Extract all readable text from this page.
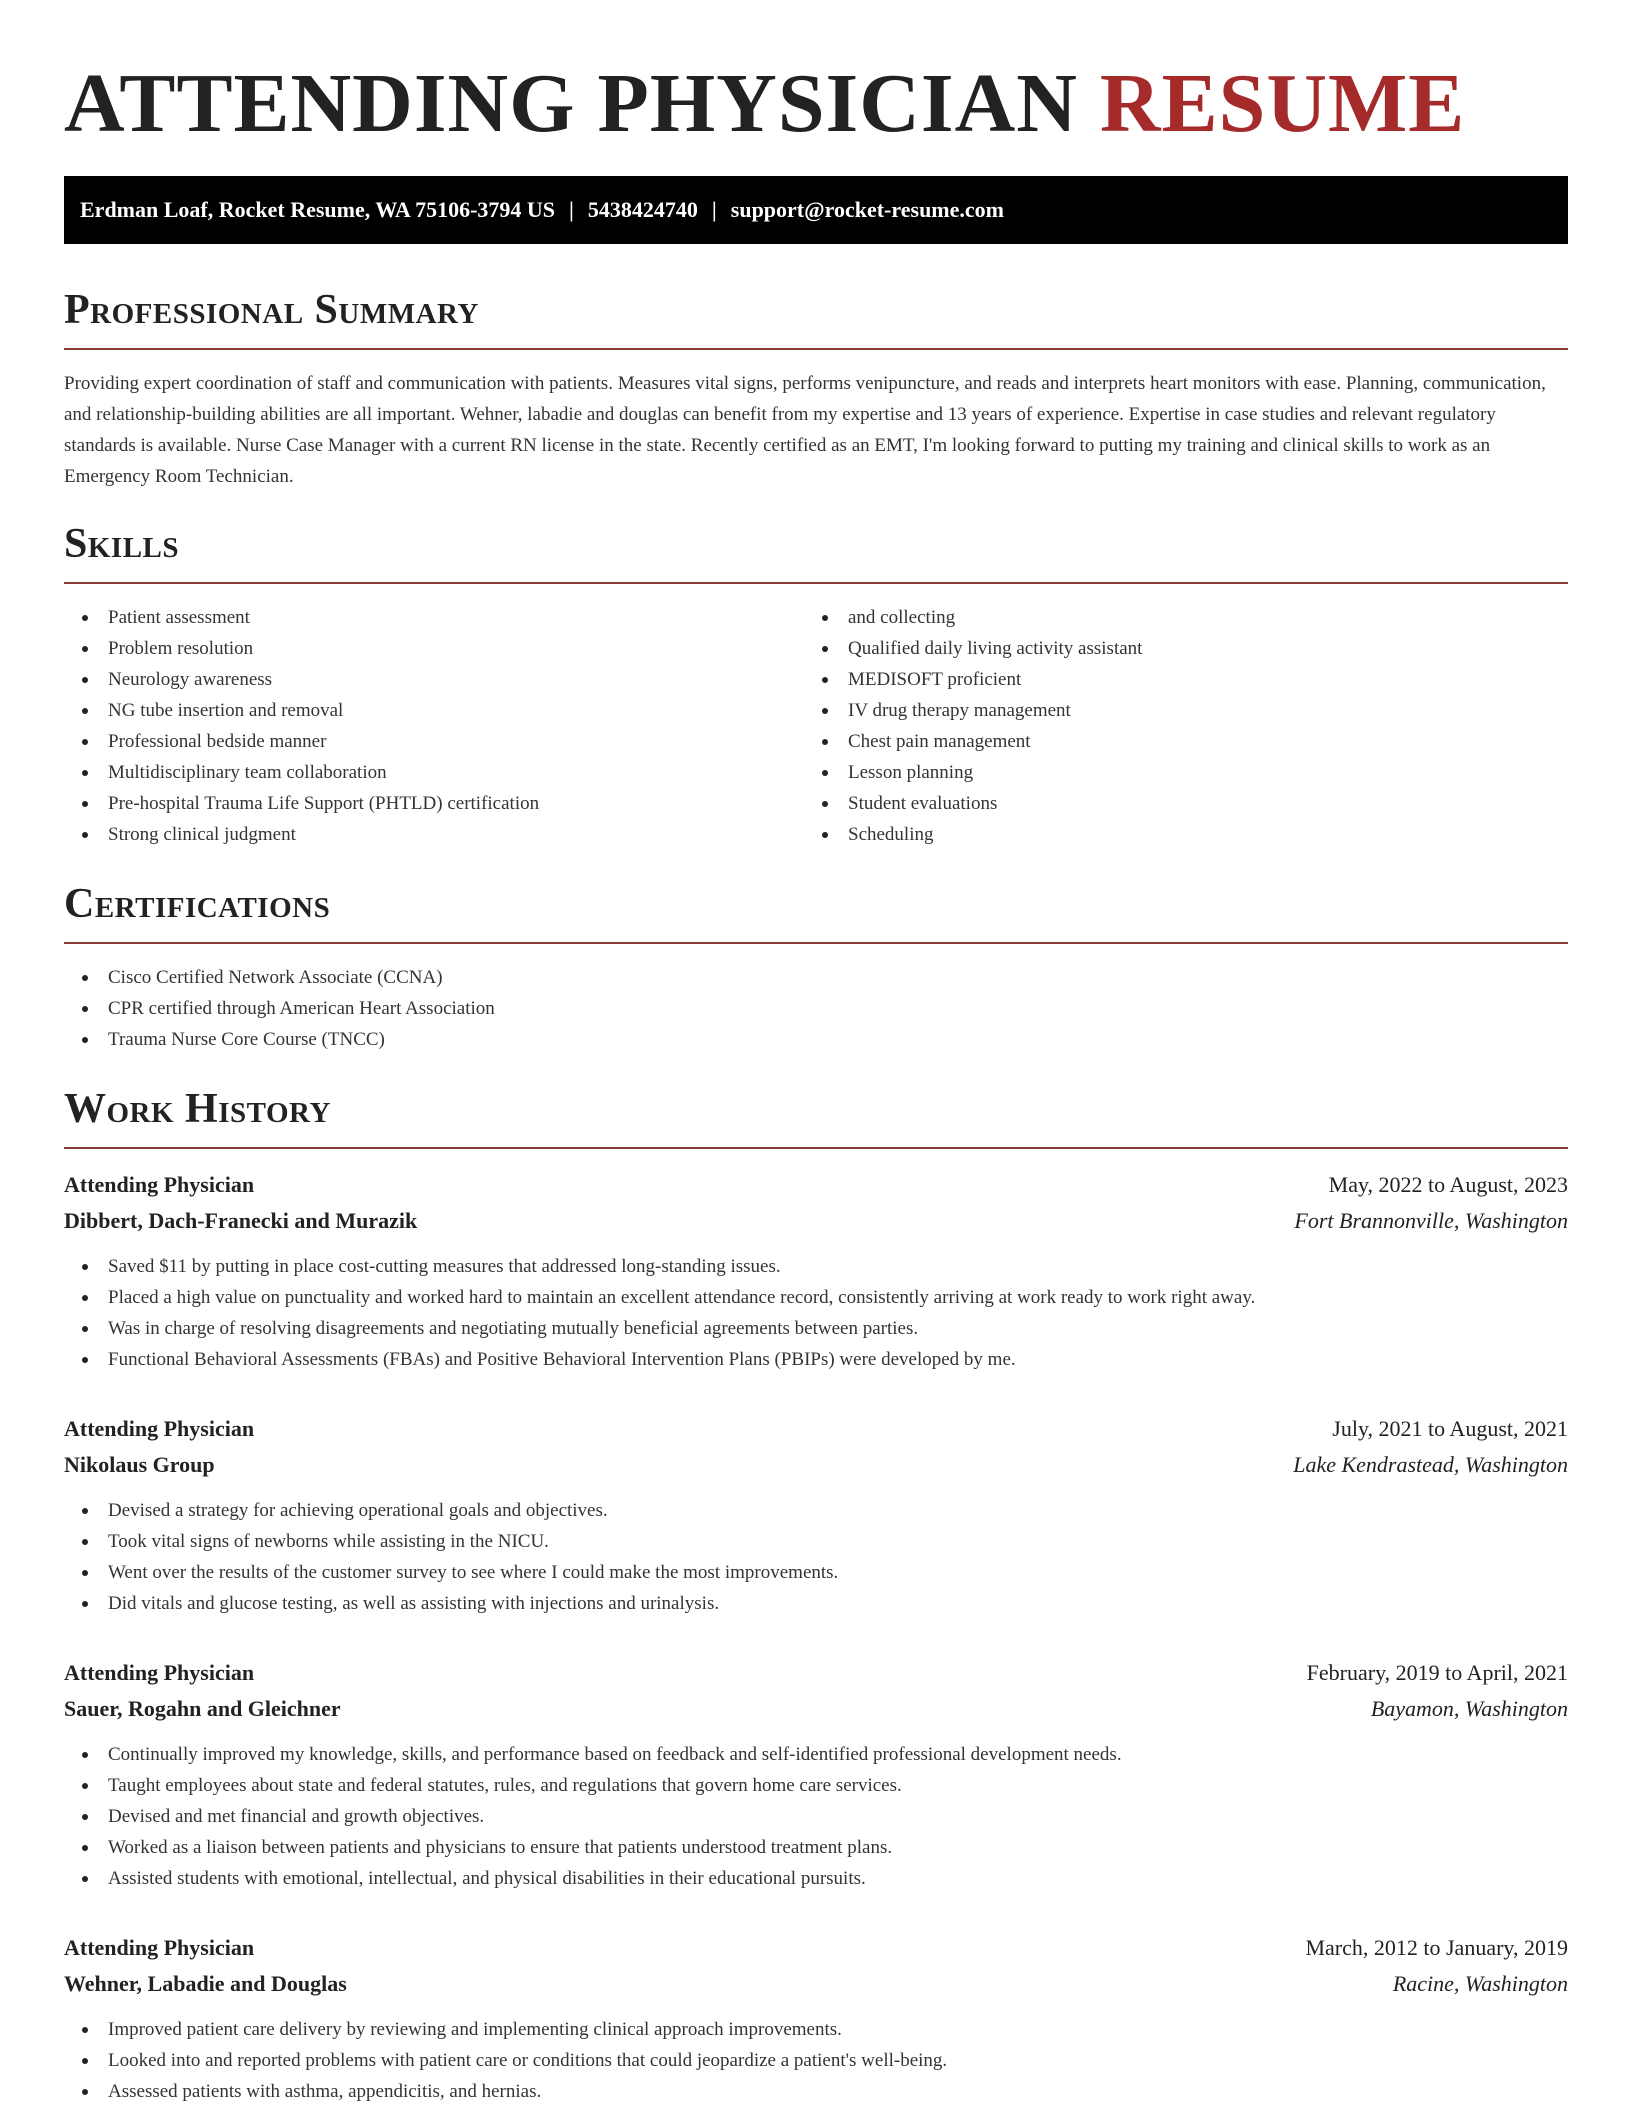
ATTENDING PHYSICIAN RESUME
Erdman Loaf, Rocket Resume, WA 75106-3794 US | 5438424740 | support@rocket-resume.com
Professional Summary

Providing expert coordination of staff and communication with patients. Measures vital signs, performs venipuncture, and reads and interprets heart monitors with ease. Planning, communication, and relationship-building abilities are all important. Wehner, labadie and douglas can benefit from my expertise and 13 years of experience. Expertise in case studies and relevant regulatory standards is available. Nurse Case Manager with a current RN license in the state. Recently certified as an EMT, I'm looking forward to putting my training and clinical skills to work as an Emergency Room Technician.

Skills
Patient assessment
Problem resolution
Neurology awareness
NG tube insertion and removal
Professional bedside manner
Multidisciplinary team collaboration
Pre-hospital Trauma Life Support (PHTLD) certification
Strong clinical judgment
and collecting
Qualified daily living activity assistant
MEDISOFT proficient
IV drug therapy management
Chest pain management
Lesson planning
Student evaluations
Scheduling
Certifications
Cisco Certified Network Associate (CCNA)
CPR certified through American Heart Association
Trauma Nurse Core Course (TNCC)
Work History
Attending Physician	May, 2022 to August, 2023
Dibbert, Dach-Franecki and Murazik	Fort Brannonville, Washington
Saved $11 by putting in place cost-cutting measures that addressed long-standing issues.
Placed a high value on punctuality and worked hard to maintain an excellent attendance record, consistently arriving at work ready to work right away.
Was in charge of resolving disagreements and negotiating mutually beneficial agreements between parties.
Functional Behavioral Assessments (FBAs) and Positive Behavioral Intervention Plans (PBIPs) were developed by me.
Attending Physician	July, 2021 to August, 2021
Nikolaus Group	Lake Kendrastead, Washington
Devised a strategy for achieving operational goals and objectives.
Took vital signs of newborns while assisting in the NICU.
Went over the results of the customer survey to see where I could make the most improvements.
Did vitals and glucose testing, as well as assisting with injections and urinalysis.
Attending Physician	February, 2019 to April, 2021
Sauer, Rogahn and Gleichner	Bayamon, Washington
Continually improved my knowledge, skills, and performance based on feedback and self-identified professional development needs.
Taught employees about state and federal statutes, rules, and regulations that govern home care services.
Devised and met financial and growth objectives.
Worked as a liaison between patients and physicians to ensure that patients understood treatment plans.
Assisted students with emotional, intellectual, and physical disabilities in their educational pursuits.
Attending Physician	March, 2012 to January, 2019
Wehner, Labadie and Douglas	Racine, Washington
Improved patient care delivery by reviewing and implementing clinical approach improvements.
Looked into and reported problems with patient care or conditions that could jeopardize a patient's well-being.
Assessed patients with asthma, appendicitis, and hernias.
